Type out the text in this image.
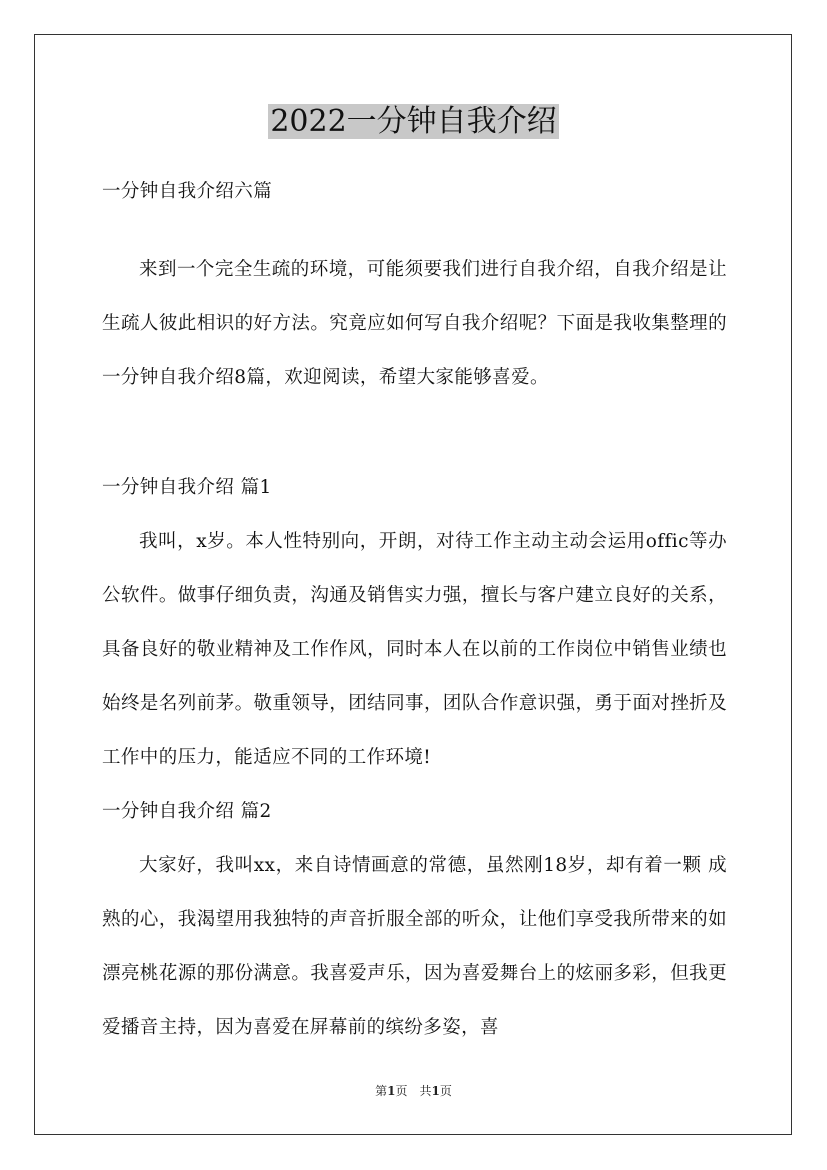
2022一分钟自我介绍

一分钟自我介绍六篇

来到一个完全生疏的环境，可能须要我们进行自我介绍，自我介绍是让生疏人彼此相识的好方法。究竟应如何写自我介绍呢？下面是我收集整理的一分钟自我介绍8篇，欢迎阅读，希望大家能够喜爱。

一分钟自我介绍 篇1

我叫，x岁。本人性特别向，开朗，对待工作主动主动会运用offic等办公软件。做事仔细负责，沟通及销售实力强，擅长与客户建立良好的关系，具备良好的敬业精神及工作作风，同时本人在以前的工作岗位中销售业绩也始终是名列前茅。敬重领导，团结同事，团队合作意识强，勇于面对挫折及工作中的压力，能适应不同的工作环境!

一分钟自我介绍 篇2

大家好，我叫xx，来自诗情画意的常德，虽然刚18岁，却有着一颗 成熟的心，我渴望用我独特的声音折服全部的听众，让他们享受我所带来的如 漂亮桃花源的那份满意。我喜爱声乐，因为喜爱舞台上的炫丽多彩，但我更爱播音主持，因为喜爱在屏幕前的缤纷多姿，喜

第1页　共1页
